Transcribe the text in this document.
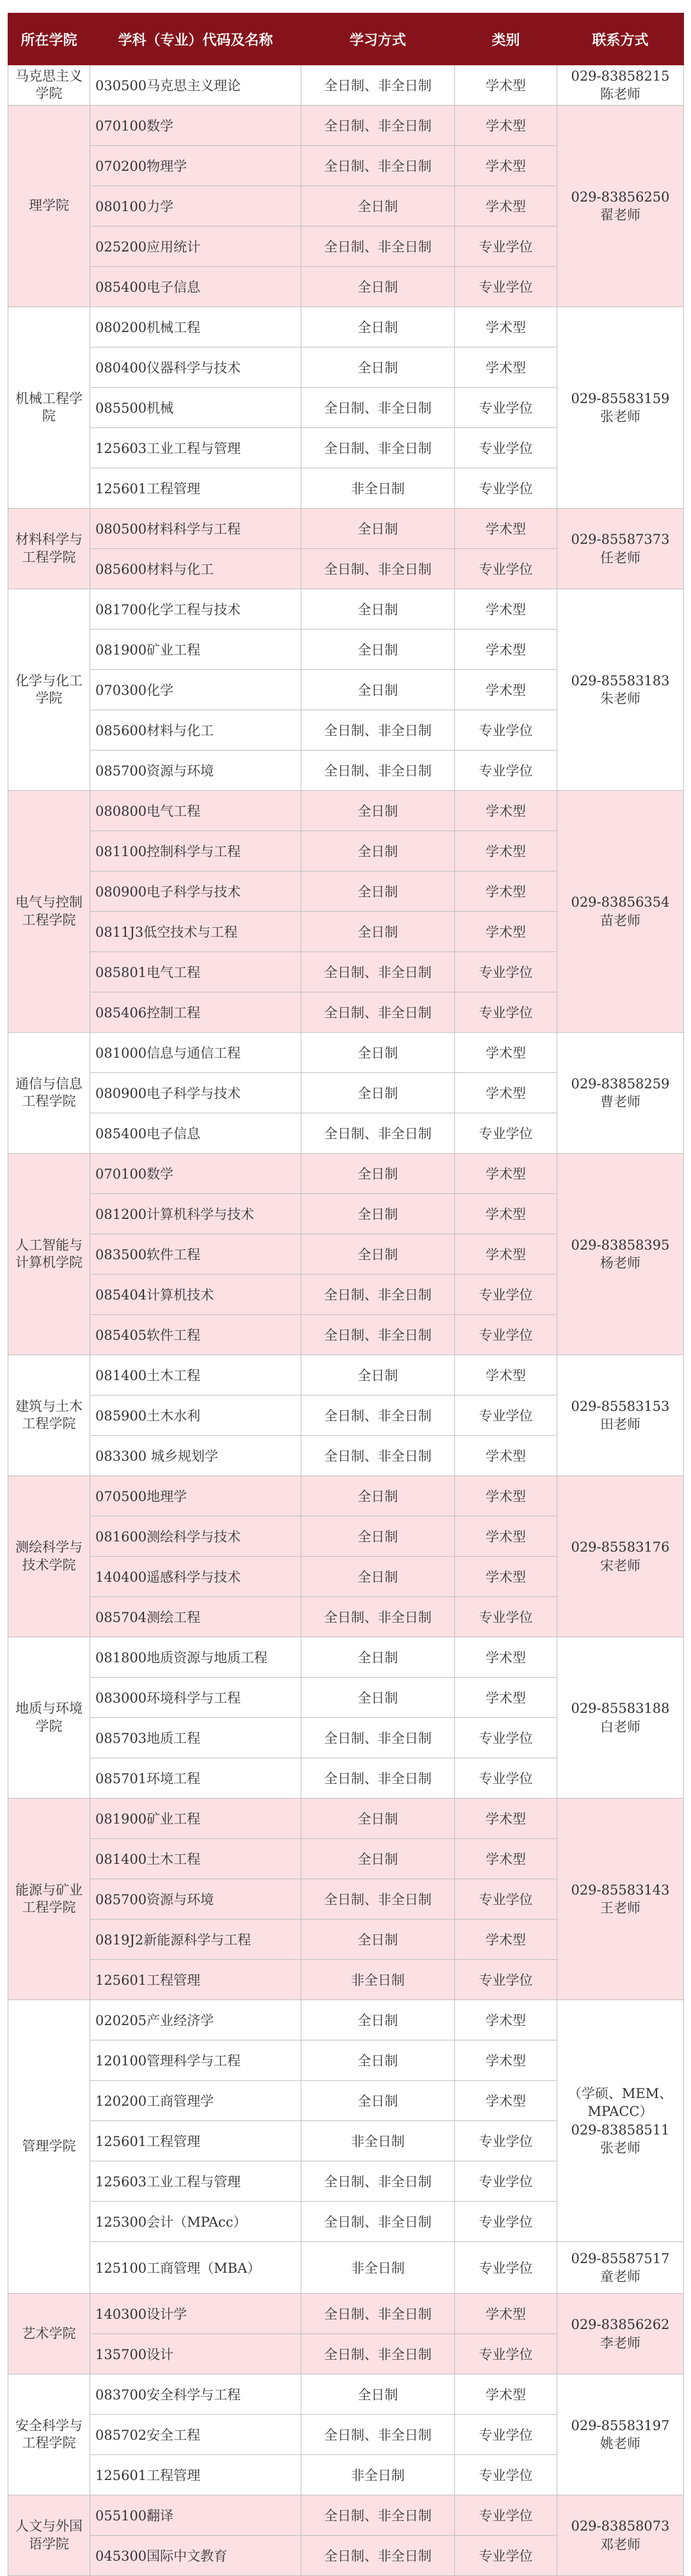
所在学院	学科（专业）代码及名称	学习方式	类别	联系方式
马克思主义学院	030500马克思主义理论	全日制、非全日制	学术型	029-83858215
陈老师
理学院	070100数学	全日制、非全日制	学术型	029-83856250
翟老师
	070200物理学	全日制、非全日制	学术型	
	080100力学	全日制	学术型	
	025200应用统计	全日制、非全日制	专业学位	
	085400电子信息	全日制	专业学位	
机械工程学院	080200机械工程	全日制	学术型	029-85583159
张老师
	080400仪器科学与技术	全日制	学术型	
	085500机械	全日制、非全日制	专业学位	
	125603工业工程与管理	全日制、非全日制	专业学位	
	125601工程管理	非全日制	专业学位	
材料科学与工程学院	080500材料科学与工程	全日制	学术型	029-85587373
任老师
	085600材料与化工	全日制、非全日制	专业学位	
化学与化工学院	081700化学工程与技术	全日制	学术型	029-85583183
朱老师
	081900矿业工程	全日制	学术型	
	070300化学	全日制	学术型	
	085600材料与化工	全日制、非全日制	专业学位	
	085700资源与环境	全日制、非全日制	专业学位	
电气与控制工程学院	080800电气工程	全日制	学术型	029-83856354
苗老师
	081100控制科学与工程	全日制	学术型	
	080900电子科学与技术	全日制	学术型	
	0811J3低空技术与工程	全日制	学术型	
	085801电气工程	全日制、非全日制	专业学位	
	085406控制工程	全日制、非全日制	专业学位	
通信与信息工程学院	081000信息与通信工程	全日制	学术型	029-83858259
曹老师
	080900电子科学与技术	全日制	学术型	
	085400电子信息	全日制、非全日制	专业学位	
人工智能与计算机学院	070100数学	全日制	学术型	029-83858395
杨老师
	081200计算机科学与技术	全日制	学术型	
	083500软件工程	全日制	学术型	
	085404计算机技术	全日制、非全日制	专业学位	
	085405软件工程	全日制、非全日制	专业学位	
建筑与土木工程学院	081400土木工程	全日制	学术型	029-85583153
田老师
	085900土木水利	全日制、非全日制	专业学位	
	083300 城乡规划学	全日制、非全日制	学术型	
测绘科学与技术学院	070500地理学	全日制	学术型	029-85583176
宋老师
	081600测绘科学与技术	全日制	学术型	
	140400遥感科学与技术	全日制	学术型	
	085704测绘工程	全日制、非全日制	专业学位	
地质与环境学院	081800地质资源与地质工程	全日制	学术型	029-85583188
白老师
	083000环境科学与工程	全日制	学术型	
	085703地质工程	全日制、非全日制	专业学位	
	085701环境工程	全日制、非全日制	专业学位	
能源与矿业工程学院	081900矿业工程	全日制	学术型	029-85583143
王老师
	081400土木工程	全日制	学术型	
	085700资源与环境	全日制、非全日制	专业学位	
	0819J2新能源科学与工程	全日制	学术型	
	125601工程管理	非全日制	专业学位	
管理学院	020205产业经济学	全日制	学术型	（学硕、MEM、
MPACC）
029-83858511
张老师
	120100管理科学与工程	全日制	学术型	
	120200工商管理学	全日制	学术型	
	125601工程管理	非全日制	专业学位	
	125603工业工程与管理	全日制、非全日制	专业学位	
	125300会计（MPAcc）	全日制、非全日制	专业学位	
	125100工商管理（MBA）	非全日制	专业学位	029-85587517
童老师
艺术学院	140300设计学	全日制、非全日制	学术型	029-83856262
李老师
	135700设计	全日制、非全日制	专业学位	
安全科学与工程学院	083700安全科学与工程	全日制	学术型	029-85583197
姚老师
	085702安全工程	全日制、非全日制	专业学位	
	125601工程管理	非全日制	专业学位	
人文与外国语学院	055100翻译	全日制、非全日制	专业学位	029-83858073
邓老师
	045300国际中文教育	全日制、非全日制	专业学位	
